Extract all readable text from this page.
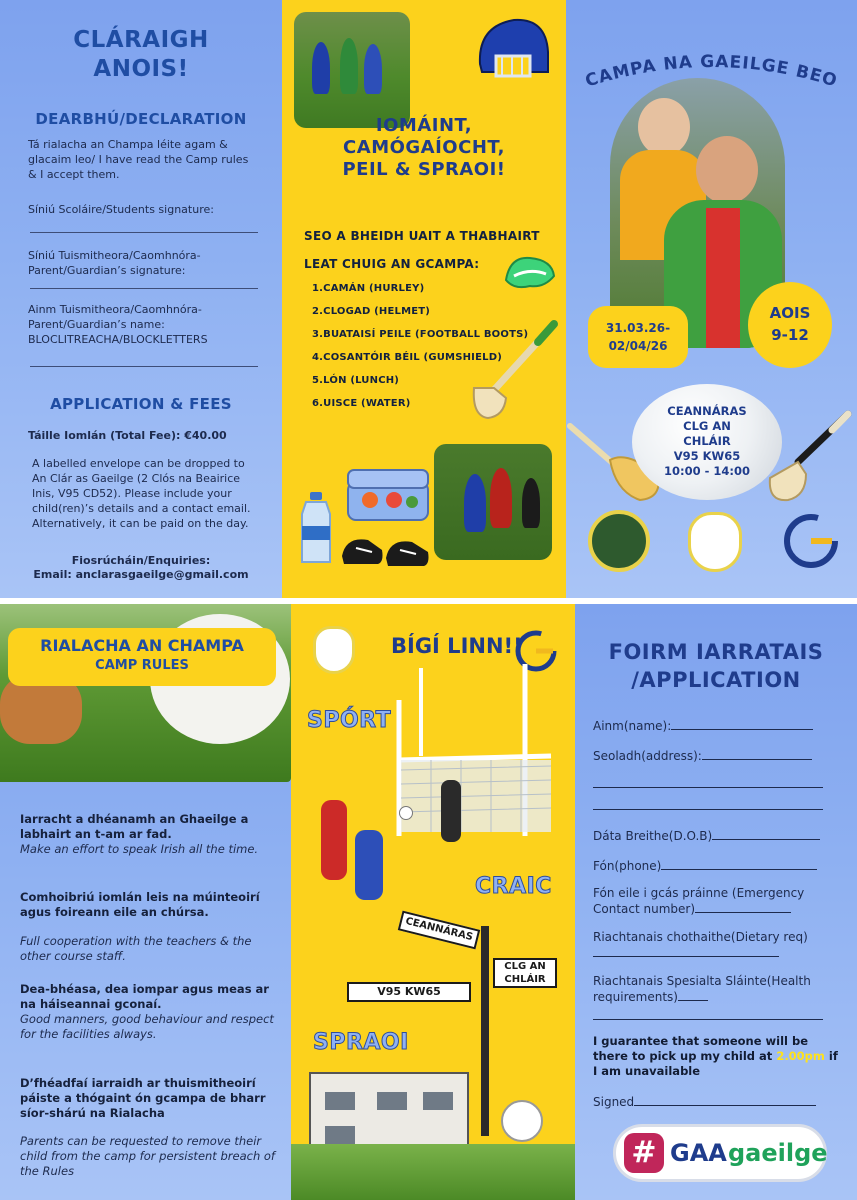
CLÁRAIGH ANOIS!
DEARBHÚ/DECLARATION
Tá rialacha an Champa léite agam & glacaim leo/ I have read the Camp rules & I accept them.
Síniú Scoláire/Students signature:
Síniú Tuismitheora/Caomhnóra-Parent/Guardian’s signature:
Ainm Tuismitheora/Caomhnóra-Parent/Guardian’s name: BLOCLITREACHA/BLOCKLETTERS
APPLICATION & FEES
Táille Iomlán (Total Fee): €40.00
A labelled envelope can be dropped to An Clár as Gaeilge (2 Clós na Beairice Inis, V95 CD52). Please include your child(ren)’s details and a contact email. Alternatively, it can be paid on the day.
Fiosrúcháin/Enquiries:
Email: anclarasgaeilge@gmail.com
IOMÁINT, CAMÓGAÍOCHT, PEIL & SPRAOI!
SEO A BHEIDH UAIT A THABHAIRT
LEAT CHUIG AN GCAMPA:
1.CAMÁN (HURLEY)
2.CLOGAD (HELMET)
3.BUATAISÍ PEILE (FOOTBALL BOOTS)
4.COSANTÓIR BÉIL (GUMSHIELD)
5.LÓN (LUNCH)
6.UISCE (WATER)
CAMPA NA GAEILGE BEO
31.03.26-
02/04/26
AOIS
9-12
CEANNÁRAS
CLG AN
CHLÁIR
V95 KW65
10:00 - 14:00
RIALACHA AN CHAMPA
CAMP RULES
Iarracht a dhéanamh an Ghaeilge a labhairt an t-am ar fad.
Make an effort to speak Irish all the time.
Comhoibriú iomlán leis na múinteoirí agus foireann eile an chúrsa.
Full cooperation with the teachers & the other course staff.
Dea-bhéasa, dea iompar agus meas ar na háiseannai gconaí.
Good manners, good behaviour and respect for the facilities always.
D’fhéadfaí iarraidh ar thuismitheoirí páiste a thógaint ón gcampa de bharr síor-shárú na Rialacha
Parents can be requested to remove their child from the camp for persistent breach of the Rules
BÍGÍ LINN!!
SPÓRT
CRAIC
CEANNÁRAS
CLG AN
CHLÁIR
V95 KW65
SPRAOI
FOIRM IARRATAIS
/APPLICATION
Ainm(name):
Seoladh(address):
Dáta Breithe(D.O.B)
Fón(phone)
Fón eile i gcás práinne (Emergency Contact number)
Riachtanais chothaithe(Dietary req)
Riachtanais Spesialta Sláinte(Health requirements)
I guarantee that someone will be there to pick up my child at 2.00pm if I am unavailable
Signed
# GAA gaeilge
